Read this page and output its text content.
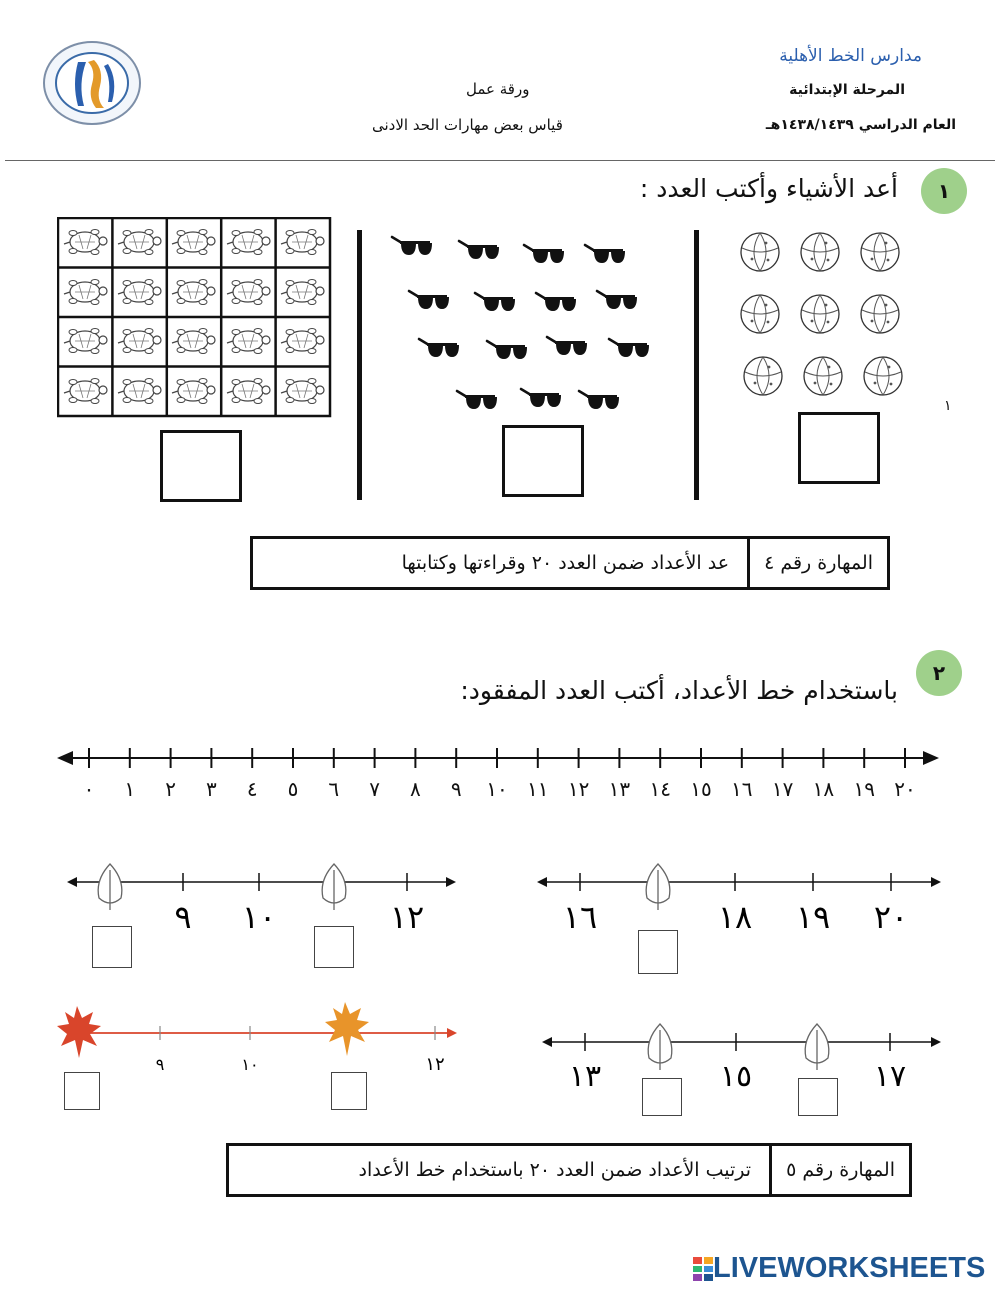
مدارس الخط الأهلية
المرحلة الإبتدائية
العام الدراسي ١٤٣٨/١٤٣٩هـ
ورقة عمل
قياس بعض مهارات الحد الادنى
١
أعد الأشياء وأكتب العدد :
١
المهارة رقم ٤
عد الأعداد ضمن العدد ٢٠ وقراءتها وكتابتها
٢
باستخدام خط الأعداد، أكتب العدد المفقود:
٠ ١ ٢ ٣ ٤ ٥ ٦ ٧ ٨ ٩ ١٠ ١١ ١٢ ١٣ ١٤ ١٥ ١٦ ١٧ ١٨ ١٩ ٢٠
١٦	١٨ ١٩ ٢٠
٩ ١٠	١٢
١٣	١٥	١٧
٩	١٠	١٢
المهارة رقم ٥
ترتيب الأعداد ضمن العدد ٢٠ باستخدام خط الأعداد
LIVEWORKSHEETS
